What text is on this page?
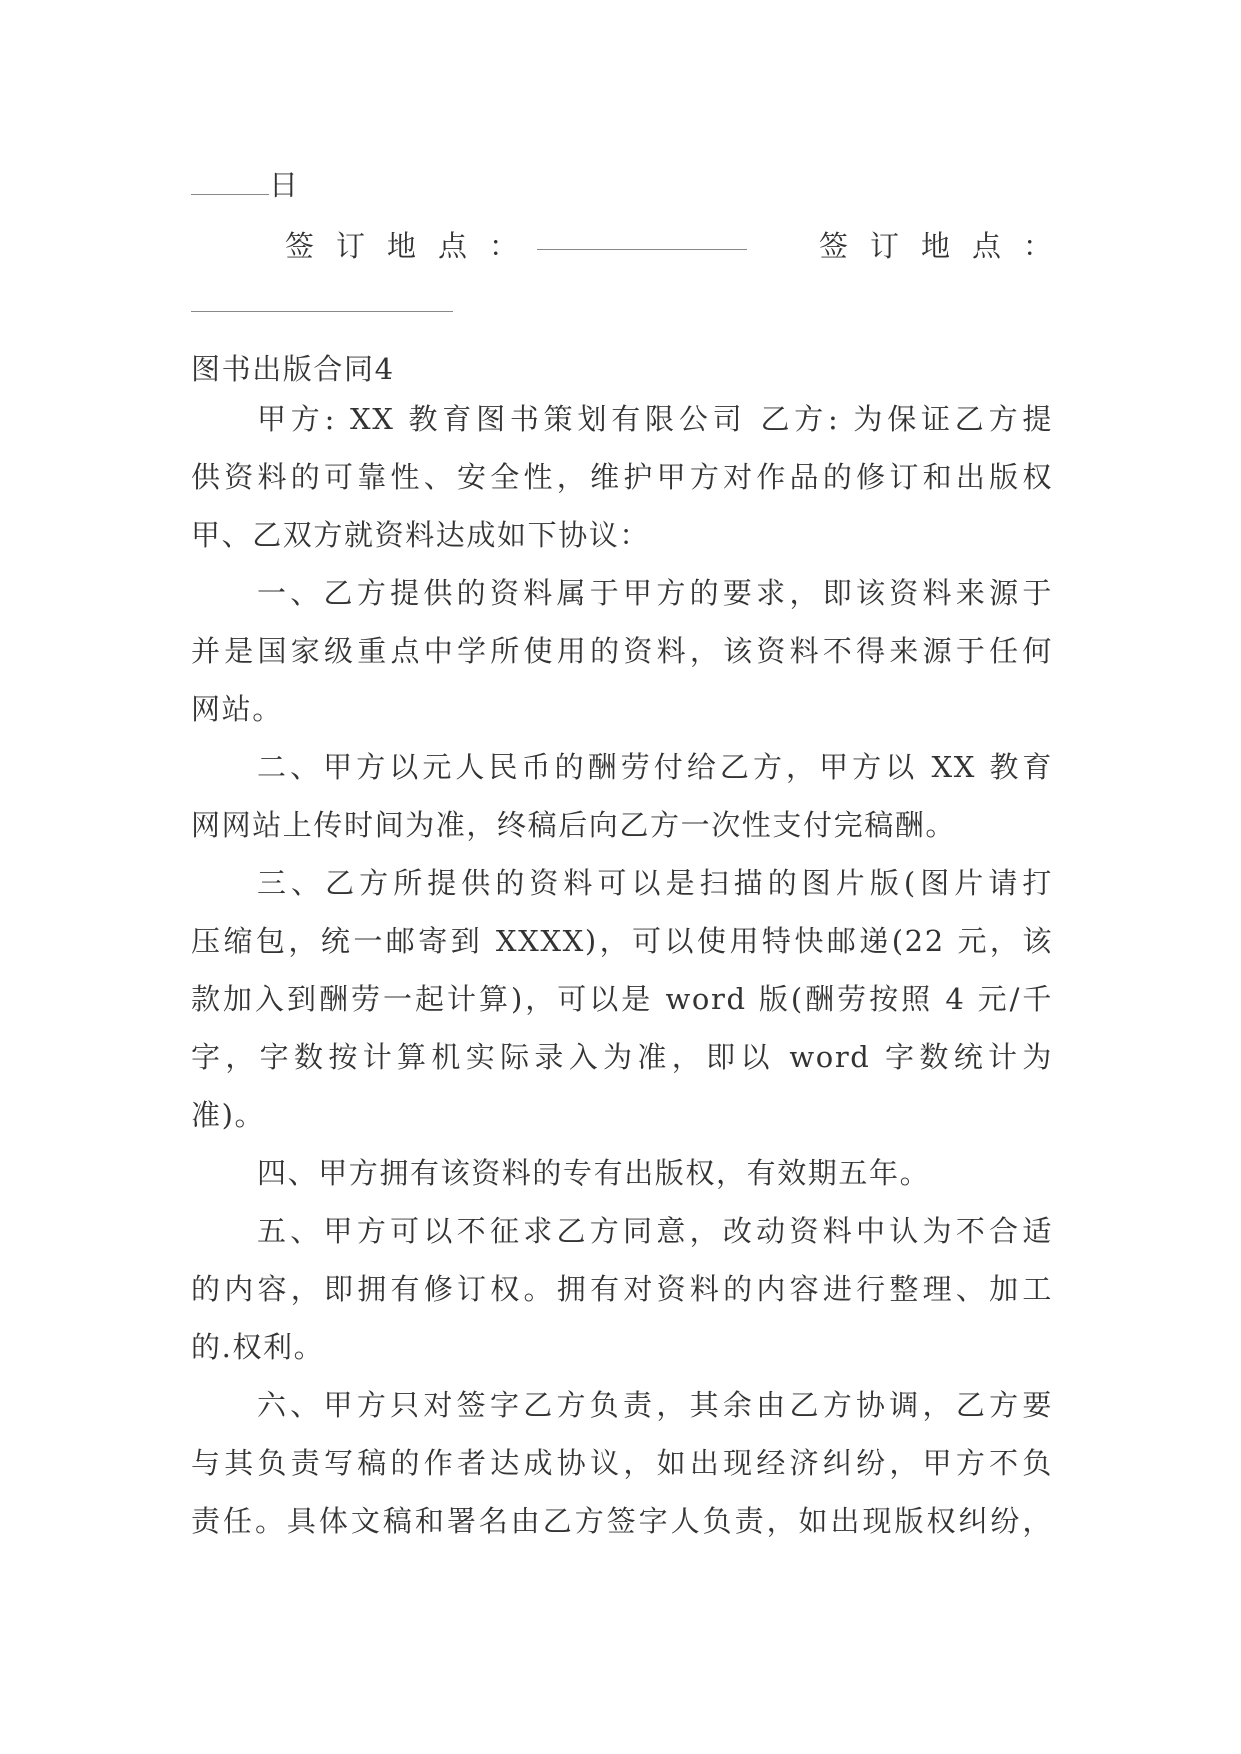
日
签订地点：	签订地点：
图书出版合同4
甲方: XX 教育图书策划有限公司 乙方: 为保证乙方提
供资料的可靠性、安全性，维护甲方对作品的修订和出版权
甲、乙双方就资料达成如下协议：
一、乙方提供的资料属于甲方的要求，即该资料来源于
并是国家级重点中学所使用的资料，该资料不得来源于任何
网站。
二、甲方以元人民币的酬劳付给乙方，甲方以 XX 教育
网网站上传时间为准，终稿后向乙方一次性支付完稿酬。
三、乙方所提供的资料可以是扫描的图片版(图片请打
压缩包，统一邮寄到 XXXX)，可以使用特快邮递(22 元，该
款加入到酬劳一起计算)，可以是 word 版(酬劳按照 4 元/千
字，字数按计算机实际录入为准，即以 word 字数统计为
准)。
四、甲方拥有该资料的专有出版权，有效期五年。
五、甲方可以不征求乙方同意，改动资料中认为不合适
的内容，即拥有修订权。拥有对资料的内容进行整理、加工
的.权利。
六、甲方只对签字乙方负责，其余由乙方协调，乙方要
与其负责写稿的作者达成协议，如出现经济纠纷，甲方不负
责任。具体文稿和署名由乙方签字人负责，如出现版权纠纷，
